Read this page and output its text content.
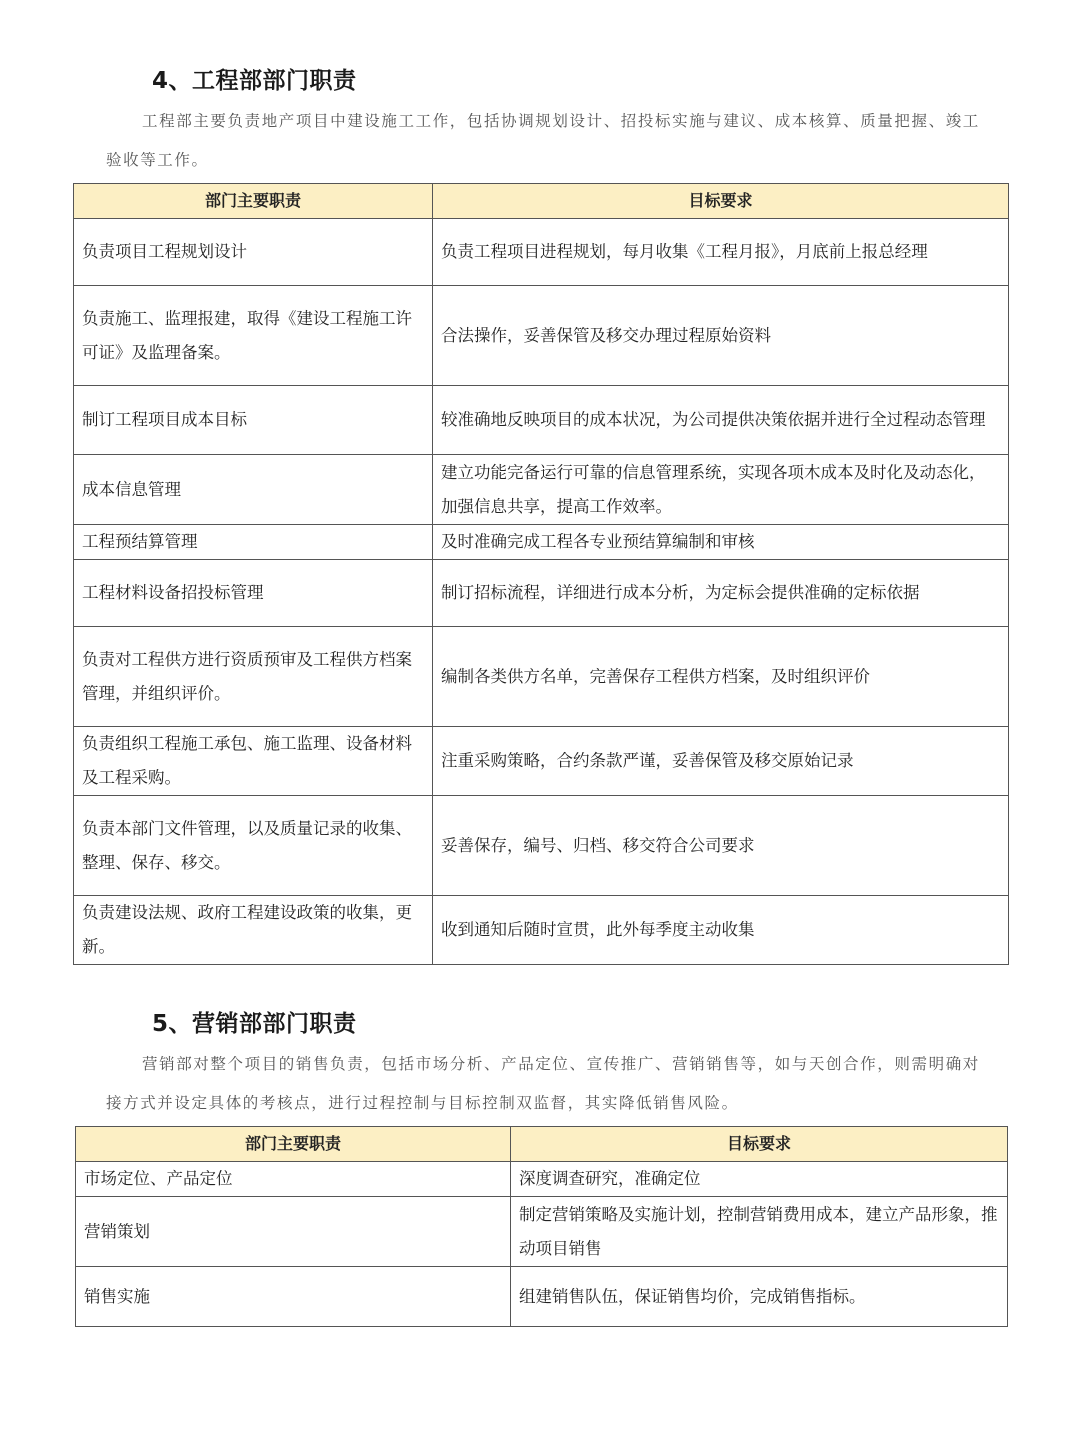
4、工程部部门职责

工程部主要负责地产项目中建设施工工作，包括协调规划设计、招投标实施与建议、成本核算、质量把握、竣工验收等工作。

部门主要职责	目标要求
负责项目工程规划设计	负责工程项目进程规划，每月收集《工程月报》，月底前上报总经理
负责施工、监理报建，取得《建设工程施工许可证》及监理备案。	合法操作，妥善保管及移交办理过程原始资料
制订工程项目成本目标	较准确地反映项目的成本状况，为公司提供决策依据并进行全过程动态管理
成本信息管理	建立功能完备运行可靠的信息管理系统，实现各项木成本及时化及动态化，加强信息共享，提高工作效率。
工程预结算管理	及时准确完成工程各专业预结算编制和审核
工程材料设备招投标管理	制订招标流程，详细进行成本分析，为定标会提供准确的定标依据
负责对工程供方进行资质预审及工程供方档案管理，并组织评价。	编制各类供方名单，完善保存工程供方档案，及时组织评价
负责组织工程施工承包、施工监理、设备材料及工程采购。	注重采购策略，合约条款严谨，妥善保管及移交原始记录
负责本部门文件管理，以及质量记录的收集、整理、保存、移交。	妥善保存，编号、归档、移交符合公司要求
负责建设法规、政府工程建设政策的收集，更新。	收到通知后随时宣贯，此外每季度主动收集
5、营销部部门职责

营销部对整个项目的销售负责，包括市场分析、产品定位、宣传推广、营销销售等，如与天创合作，则需明确对接方式并设定具体的考核点，进行过程控制与目标控制双监督，其实降低销售风险。

部门主要职责	目标要求
市场定位、产品定位	深度调查研究，准确定位
营销策划	制定营销策略及实施计划，控制营销费用成本，建立产品形象，推动项目销售
销售实施	组建销售队伍，保证销售均价，完成销售指标。
